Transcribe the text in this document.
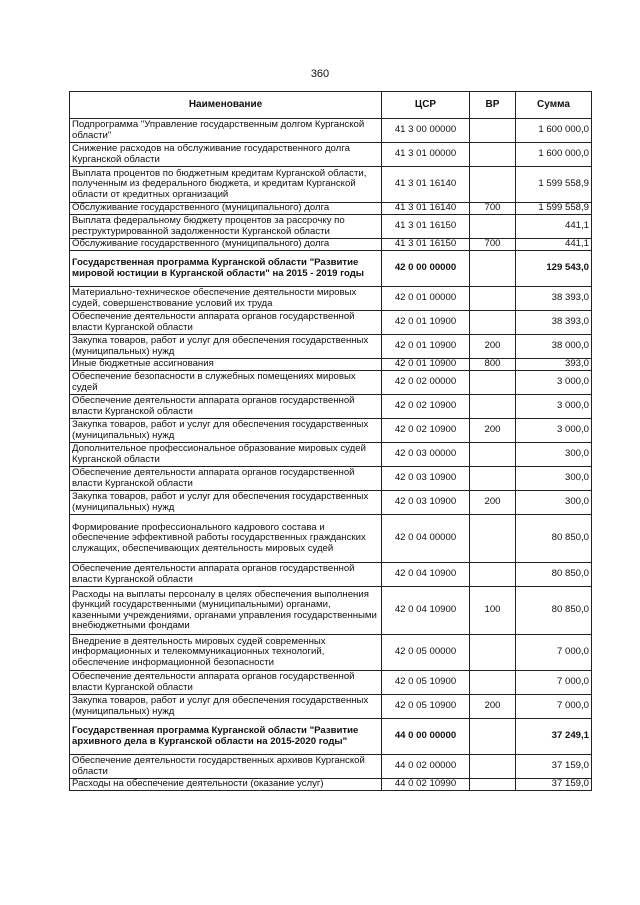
360
Наименование	ЦСР	ВР	Сумма
Подпрограмма "Управление государственным долгом Курганской области"	41 3 00 00000		1 600 000,0
Снижение расходов на обслуживание государственного долга Курганской области	41 3 01 00000		1 600 000,0
Выплата процентов по бюджетным кредитам Курганской области, полученным из федерального бюджета, и кредитам Курганской области от кредитных организаций	41 3 01 16140		1 599 558,9
Обслуживание государственного (муниципального) долга	41 3 01 16140	700	1 599 558,9
Выплата федеральному бюджету процентов за рассрочку по реструктурированной задолженности Курганской области	41 3 01 16150		441,1
Обслуживание государственного (муниципального) долга	41 3 01 16150	700	441,1
Государственная программа Курганской области "Развитие мировой юстиции в Курганской области" на 2015 - 2019 годы	42 0 00 00000		129 543,0
Материально-техническое обеспечение деятельности мировых судей, совершенствование условий их труда	42 0 01 00000		38 393,0
Обеспечение деятельности аппарата органов государственной власти Курганской области	42 0 01 10900		38 393,0
Закупка товаров, работ и услуг для обеспечения государственных (муниципальных) нужд	42 0 01 10900	200	38 000,0
Иные бюджетные ассигнования	42 0 01 10900	800	393,0
Обеспечение безопасности в служебных помещениях мировых судей	42 0 02 00000		3 000,0
Обеспечение деятельности аппарата органов государственной власти Курганской области	42 0 02 10900		3 000,0
Закупка товаров, работ и услуг для обеспечения государственных (муниципальных) нужд	42 0 02 10900	200	3 000,0
Дополнительное профессиональное образование мировых судей Курганской области	42 0 03 00000		300,0
Обеспечение деятельности аппарата органов государственной власти Курганской области	42 0 03 10900		300,0
Закупка товаров, работ и услуг для обеспечения государственных (муниципальных) нужд	42 0 03 10900	200	300,0
Формирование профессионального кадрового состава и обеспечение эффективной работы государственных гражданских служащих, обеспечивающих деятельность мировых судей	42 0 04 00000		80 850,0
Обеспечение деятельности аппарата органов государственной власти Курганской области	42 0 04 10900		80 850,0
Расходы на выплаты персоналу в целях обеспечения выполнения функций государственными (муниципальными) органами, казенными учреждениями, органами управления государственными внебюджетными фондами	42 0 04 10900	100	80 850,0
Внедрение в деятельность мировых судей современных информационных и телекоммуникационных технологий, обеспечение информационной безопасности	42 0 05 00000		7 000,0
Обеспечение деятельности аппарата органов государственной власти Курганской области	42 0 05 10900		7 000,0
Закупка товаров, работ и услуг для обеспечения государственных (муниципальных) нужд	42 0 05 10900	200	7 000,0
Государственная программа Курганской области "Развитие архивного дела в Курганской области на 2015-2020 годы"	44 0 00 00000		37 249,1
Обеспечение деятельности государственных архивов Курганской области	44 0 02 00000		37 159,0
Расходы на обеспечение деятельности (оказание услуг)	44 0 02 10990		37 159,0
